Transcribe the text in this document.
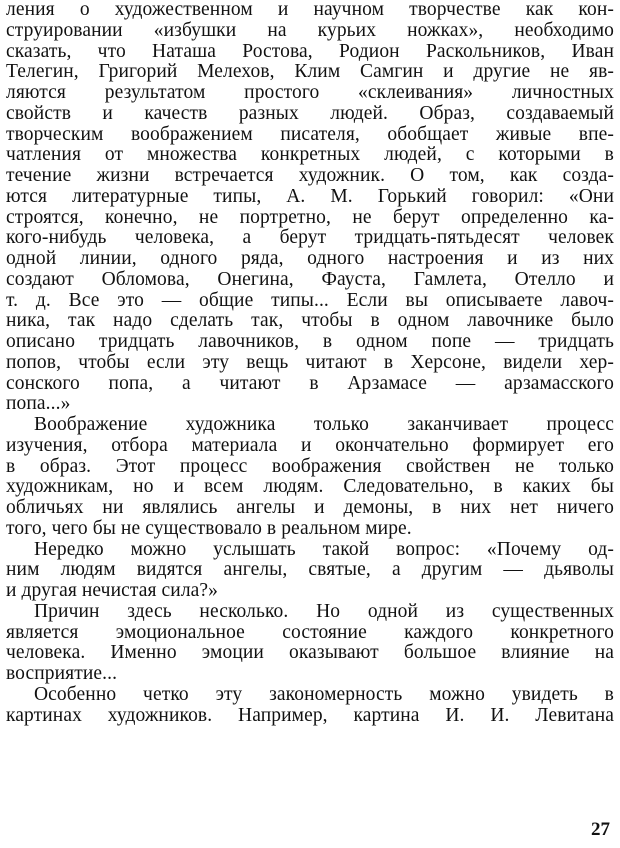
ления о художественном и научном творчестве как кон-
струировании «избушки на курьих ножках», необходимо
сказать, что Наташа Ростова, Родион Раскольников, Иван
Телегин, Григорий Мелехов, Клим Самгин и другие не яв-
ляются результатом простого «склеивания» личностных
свойств и качеств разных людей. Образ, создаваемый
творческим воображением писателя, обобщает живые впе-
чатления от множества конкретных людей, с которыми в
течение жизни встречается художник. О том, как созда-
ются литературные типы, А. М. Горький говорил: «Они
строятся, конечно, не портретно, не берут определенно ка-
кого-нибудь человека, а берут тридцать-пятьдесят человек
одной линии, одного ряда, одного настроения и из них
создают Обломова, Онегина, Фауста, Гамлета, Отелло и
т. д. Все это — общие типы... Если вы описываете лавоч-
ника, так надо сделать так, чтобы в одном лавочнике было
описано тридцать лавочников, в одном попе — тридцать
попов, чтобы если эту вещь читают в Херсоне, видели хер-
сонского попа, а читают в Арзамасе — арзамасского
попа...»
Воображение художника только заканчивает процесс
изучения, отбора материала и окончательно формирует его
в образ. Этот процесс воображения свойствен не только
художникам, но и всем людям. Следовательно, в каких бы
обличьях ни являлись ангелы и демоны, в них нет ничего
того, чего бы не существовало в реальном мире.
Нередко можно услышать такой вопрос: «Почему од-
ним людям видятся ангелы, святые, а другим — дьяволы
и другая нечистая сила?»
Причин здесь несколько. Но одной из существенных
является эмоциональное состояние каждого конкретного
человека. Именно эмоции оказывают большое влияние на
восприятие...
Особенно четко эту закономерность можно увидеть в
картинах художников. Например, картина И. И. Левитана
27
